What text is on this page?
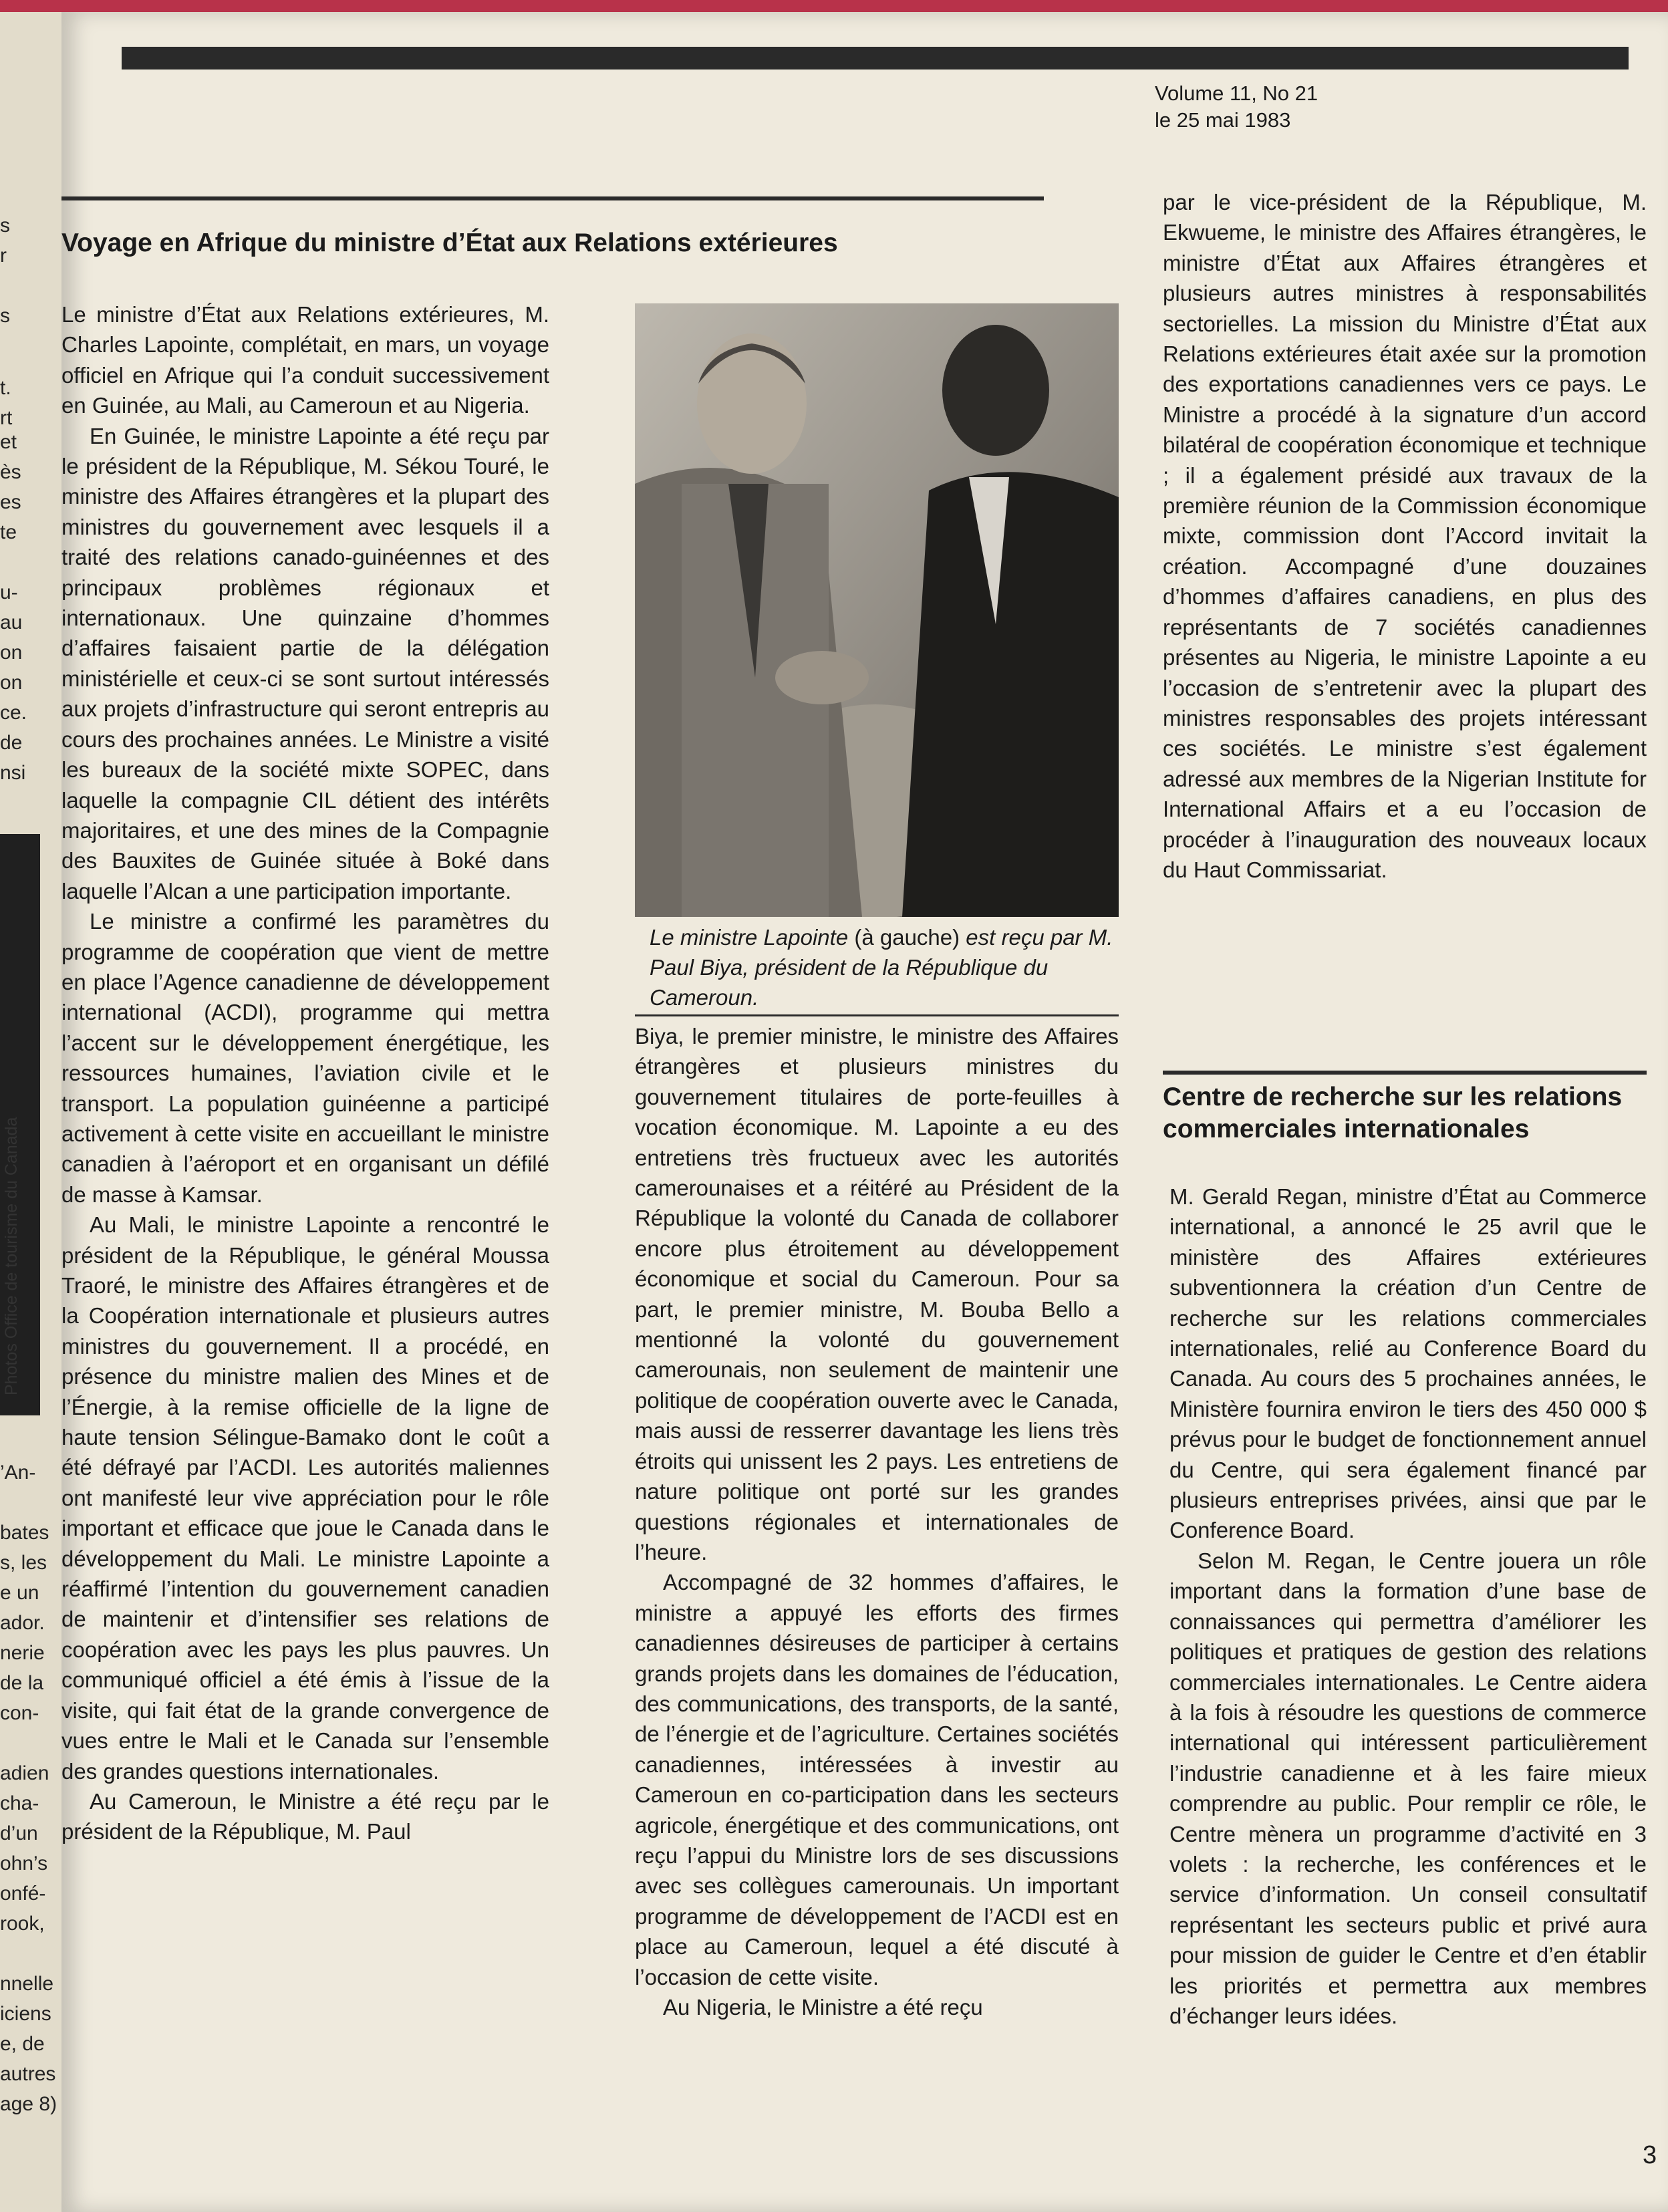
s
r
s
t.
rt
et
ès
es
te
u-
au
on
on
ce.
de
nsi
’An-
bates
s, les
e un
ador.
nerie
de la
con-
adien
cha-
d’un
ohn’s
onfé-
rook,
nnelle
iciens
e, de
autres
age 8)
Photos Office de tourisme du Canada
Volume 11, No 21
le 25 mai 1983
Voyage en Afrique du ministre d’État aux Relations extérieures

Le ministre d’État aux Relations extérieures, M. Charles Lapointe, complétait, en mars, un voyage officiel en Afrique qui l’a conduit successivement en Guinée, au Mali, au Cameroun et au Nigeria.

En Guinée, le ministre Lapointe a été reçu par le président de la République, M. Sékou Touré, le ministre des Affaires étrangères et la plupart des ministres du gouvernement avec lesquels il a traité des relations canado-guinéennes et des principaux problèmes régionaux et internationaux. Une quinzaine d’hommes d’affaires faisaient partie de la délégation ministérielle et ceux-ci se sont surtout intéressés aux projets d’infrastructure qui seront entrepris au cours des prochaines années. Le Ministre a visité les bureaux de la société mixte SOPEC, dans laquelle la compagnie CIL détient des intérêts majoritaires, et une des mines de la Compagnie des Bauxites de Guinée située à Boké dans laquelle l’Alcan a une participation importante.

Le ministre a confirmé les paramètres du programme de coopération que vient de mettre en place l’Agence canadienne de développement international (ACDI), programme qui mettra l’accent sur le développement énergétique, les ressources humaines, l’aviation civile et le transport. La population guinéenne a participé activement à cette visite en accueillant le ministre canadien à l’aéroport et en organisant un défilé de masse à Kamsar.

Au Mali, le ministre Lapointe a rencontré le président de la République, le général Moussa Traoré, le ministre des Affaires étrangères et de la Coopération internationale et plusieurs autres ministres du gouvernement. Il a procédé, en présence du ministre malien des Mines et de l’Énergie, à la remise officielle de la ligne de haute tension Sélingue-Bamako dont le coût a été défrayé par l’ACDI. Les autorités maliennes ont manifesté leur vive appréciation pour le rôle important et efficace que joue le Canada dans le développement du Mali. Le ministre Lapointe a réaffirmé l’intention du gouvernement canadien de maintenir et d’intensifier ses relations de coopération avec les pays les plus pauvres. Un communiqué officiel a été émis à l’issue de la visite, qui fait état de la grande convergence de vues entre le Mali et le Canada sur l’ensemble des grandes questions internationales.

Au Cameroun, le Ministre a été reçu par le président de la République, M. Paul

Le ministre Lapointe (à gauche) est reçu par M. Paul Biya, président de la République du Cameroun.

Biya, le premier ministre, le ministre des Affaires étrangères et plusieurs ministres du gouvernement titulaires de porte-feuilles à vocation économique. M. Lapointe a eu des entretiens très fructueux avec les autorités camerounaises et a réitéré au Président de la République la volonté du Canada de collaborer encore plus étroitement au développement économique et social du Cameroun. Pour sa part, le premier ministre, M. Bouba Bello a mentionné la volonté du gouvernement camerounais, non seulement de maintenir une politique de coopération ouverte avec le Canada, mais aussi de resserrer davantage les liens très étroits qui unissent les 2 pays. Les entretiens de nature politique ont porté sur les grandes questions régionales et internationales de l’heure.

Accompagné de 32 hommes d’affaires, le ministre a appuyé les efforts des firmes canadiennes désireuses de participer à certains grands projets dans les domaines de l’éducation, des communications, des transports, de la santé, de l’énergie et de l’agriculture. Certaines sociétés canadiennes, intéressées à investir au Cameroun en co-participation dans les secteurs agricole, énergétique et des communications, ont reçu l’appui du Ministre lors de ses discussions avec ses collègues camerounais. Un important programme de développement de l’ACDI est en place au Cameroun, lequel a été discuté à l’occasion de cette visite.

Au Nigeria, le Ministre a été reçu

par le vice-président de la République, M. Ekwueme, le ministre des Affaires étrangères, le ministre d’État aux Affaires étrangères et plusieurs autres ministres à responsabilités sectorielles. La mission du Ministre d’État aux Relations extérieures était axée sur la promotion des exportations canadiennes vers ce pays. Le Ministre a procédé à la signature d’un accord bilatéral de coopération économique et technique ; il a également présidé aux travaux de la première réunion de la Commission économique mixte, commission dont l’Accord invitait la création. Accompagné d’une douzaines d’hommes d’affaires canadiens, en plus des représentants de 7 sociétés canadiennes présentes au Nigeria, le ministre Lapointe a eu l’occasion de s’entretenir avec la plupart des ministres responsables des projets intéressant ces sociétés. Le ministre s’est également adressé aux membres de la Nigerian Institute for International Affairs et a eu l’occasion de procéder à l’inauguration des nouveaux locaux du Haut Commissariat.

Centre de recherche sur les relations commerciales internationales

M. Gerald Regan, ministre d’État au Commerce international, a annoncé le 25 avril que le ministère des Affaires extérieures subventionnera la création d’un Centre de recherche sur les relations commerciales internationales, relié au Conference Board du Canada. Au cours des 5 prochaines années, le Ministère fournira environ le tiers des 450 000 $ prévus pour le budget de fonctionnement annuel du Centre, qui sera également financé par plusieurs entreprises privées, ainsi que par le Conference Board.

Selon M. Regan, le Centre jouera un rôle important dans la formation d’une base de connaissances qui permettra d’améliorer les politiques et pratiques de gestion des relations commerciales internationales. Le Centre aidera à la fois à résoudre les questions de commerce international qui intéressent particulièrement l’industrie canadienne et à les faire mieux comprendre au public. Pour remplir ce rôle, le Centre mènera un programme d’activité en 3 volets : la recherche, les conférences et le service d’information. Un conseil consultatif représentant les secteurs public et privé aura pour mission de guider le Centre et d’en établir les priorités et permettra aux membres d’échanger leurs idées.

3
